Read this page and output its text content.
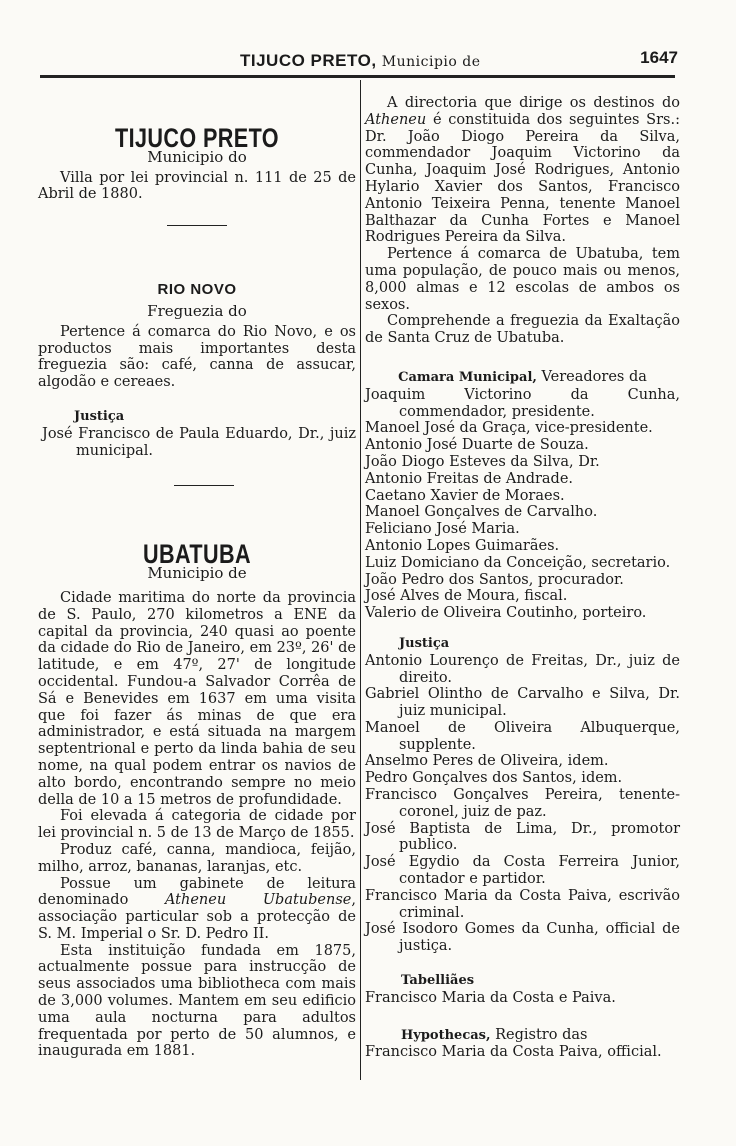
TIJUCO PRETO, Municipio de	1647
TIJUCO PRETO
Municipio do
Villa por lei provincial n. 111 de 25 de Abril de 1880.
RIO NOVO
Freguezia do
Pertence á comarca do Rio Novo, e os productos mais importantes desta freguezia são: café, canna de assucar, algodão e cereaes.
Justiça
José Francisco de Paula Eduardo, Dr., juiz municipal.
UBATUBA
Municipio de
Cidade maritima do norte da provincia de S. Paulo, 270 kilometros a ENE da capital da provincia, 240 quasi ao poente da cidade do Rio de Janeiro, em 23º, 26' de latitude, e em 47º, 27' de longitude occidental. Fundou-a Salvador Corrêa de Sá e Benevides em 1637 em uma visita que foi fazer ás minas de que era administrador, e está situada na margem septentrional e perto da linda bahia de seu nome, na qual podem entrar os navios de alto bordo, encontrando sempre no meio della de 10 a 15 metros de profundidade.
Foi elevada á categoria de cidade por lei provincial n. 5 de 13 de Março de 1855.
Produz café, canna, mandioca, feijão, milho, arroz, bananas, laranjas, etc.
Possue um gabinete de leitura denominado Atheneu Ubatubense, associação particular sob a protecção de S. M. Imperial o Sr. D. Pedro II.
Esta instituição fundada em 1875, actualmente possue para instrucção de seus associados uma bibliotheca com mais de 3,000 volumes. Mantem em seu edificio uma aula nocturna para adultos frequentada por perto de 50 alumnos, e inaugurada em 1881.
A directoria que dirige os destinos do Atheneu é constituida dos seguintes Srs.: Dr. João Diogo Pereira da Silva, commendador Joaquim Victorino da Cunha, Joaquim José Rodrigues, Antonio Hylario Xavier dos Santos, Francisco Antonio Teixeira Penna, tenente Manoel Balthazar da Cunha Fortes e Manoel Rodrigues Pereira da Silva.
Pertence á comarca de Ubatuba, tem uma população, de pouco mais ou menos, 8,000 almas e 12 escolas de ambos os sexos.
Comprehende a freguezia da Exaltação de Santa Cruz de Ubatuba.
Camara Municipal, Vereadores da
Joaquim Victorino da Cunha, commendador, presidente.
Manoel José da Graça, vice-presidente.
Antonio José Duarte de Souza.
João Diogo Esteves da Silva, Dr.
Antonio Freitas de Andrade.
Caetano Xavier de Moraes.
Manoel Gonçalves de Carvalho.
Feliciano José Maria.
Antonio Lopes Guimarães.
Luiz Domiciano da Conceição, secretario.
João Pedro dos Santos, procurador.
José Alves de Moura, fiscal.
Valerio de Oliveira Coutinho, porteiro.
Justiça
Antonio Lourenço de Freitas, Dr., juiz de direito.
Gabriel Olintho de Carvalho e Silva, Dr. juiz municipal.
Manoel de Oliveira Albuquerque, supplente.
Anselmo Peres de Oliveira, idem.
Pedro Gonçalves dos Santos, idem.
Francisco Gonçalves Pereira, tenente-coronel, juiz de paz.
José Baptista de Lima, Dr., promotor publico.
José Egydio da Costa Ferreira Junior, contador e partidor.
Francisco Maria da Costa Paiva, escrivão criminal.
José Isodoro Gomes da Cunha, official de justiça.
Tabelliães
Francisco Maria da Costa e Paiva.
Hypothecas, Registro das
Francisco Maria da Costa Paiva, official.
